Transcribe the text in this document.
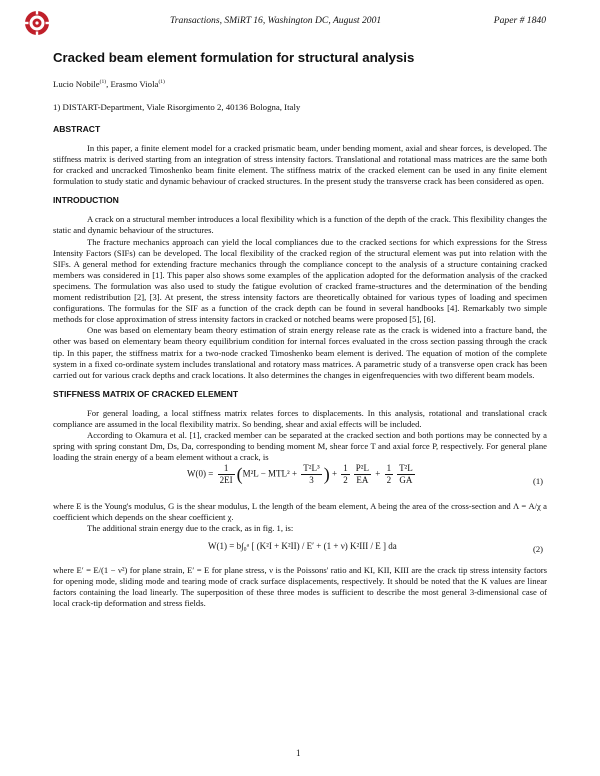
Transactions, SMiRT 16, Washington DC, August 2001	Paper # 1840
Cracked beam element formulation for structural analysis
Lucio Nobile$^{(1)}$, Erasmo Viola$^{(1)}$
1) DISTART-Department, Viale Risorgimento 2, 40136 Bologna, Italy
ABSTRACT

In this paper, a finite element model for a cracked prismatic beam, under bending moment, axial and shear forces, is developed. The stiffness matrix is derived starting from an integration of stress intensity factors. Translational and rotational mass matrices are the same both for cracked and uncracked Timoshenko beam finite element. The stiffness matrix of the cracked element can be used in any finite element formulation to study static and dynamic behaviour of cracked structures. In the present study the transverse crack has been considered as open.

INTRODUCTION

A crack on a structural member introduces a local flexibility which is a function of the depth of the crack. This flexibility changes the static and dynamic behaviour of the structures.

The fracture mechanics approach can yield the local compliances due to the cracked sections for which expressions for the Stress Intensity Factors (SIFs) can be developed. The local flexibility of the cracked region of the structural element was put into relation with the SIFs. A general method for extending fracture mechanics through the compliance concept to the analysis of a structure containing cracked members was considered in [1]. This paper also shows some examples of the application adopted for the deformation analysis of the cracked specimens. The formulation was also used to study the fatigue evolution of cracked frame-structures and the determination of the bending moment redistribution [2], [3]. At present, the stress intensity factors are theoretically obtained for various types of loading and specimen configurations. The formulas for the SIF as a function of the crack depth can be found in several handbooks [4]. Remarkably two simple methods for close approximation of stress intensity factors in cracked or notched beams were proposed [5], [6].

One was based on elementary beam theory estimation of strain energy release rate as the crack is widened into a fracture band, the other was based on elementary beam theory equilibrium condition for internal forces evaluated in the cross section passing through the crack tip. In this paper, the stiffness matrix for a two-node cracked Timoshenko beam element is derived. The equation of motion of the complete system in a fixed co-ordinate system includes translational and rotatory mass matrices. A parametric study of a transverse open crack has been carried out for various crack depths and crack locations. It also determines the changes in eigenfrequencies with two different beam models.

STIFFNESS MATRIX OF CRACKED ELEMENT

For general loading, a local stiffness matrix relates forces to displacements. In this analysis, rotational and translational crack compliance are assumed in the local flexibility matrix. So bending, shear and axial effects will be included.

According to Okamura et al. [1], cracked member can be separated at the cracked section and both portions may be connected by a spring with spring constant Dm, Ds, Da, corresponding to bending moment M, shear force T and axial force P, respectively. For general plane loading the strain energy of a beam element without a crack, is

$W(0) = \frac{1}{2EI} (M^2L - MTL^2 + \frac{\text{T²L³}}{3}$ ) + $\frac{1}{2} \frac{\text{P²L}}{EA} + \frac{1}{2} \frac{\text{T²L}}{GA}$	(1)

where E is the Young's modulus, G is the shear modulus, L the length of the beam element, A being the area of the cross-section and Λ = A/χ a coefficient which depends on the shear coefficient χ.

The additional strain energy due to the crack, as in fig. 1, is:

W(1) = b∫₀ᵃ [ (K²I + K²II) / E′ + (1 + ν) K²III / E ] da	(2)

where E′ = E/(1 − ν²) for plane strain, E′ = E for plane stress, ν is the Poissons' ratio and KI, KII, KIII are the crack tip stress intensity factors for opening mode, sliding mode and tearing mode of crack surface displacements, respectively. It should be noted that the K values are linear factors containing the load linearly. The superposition of these three modes is sufficient to describe the most general 3-dimensional case of local crack-tip deformation and stress fields.

1
